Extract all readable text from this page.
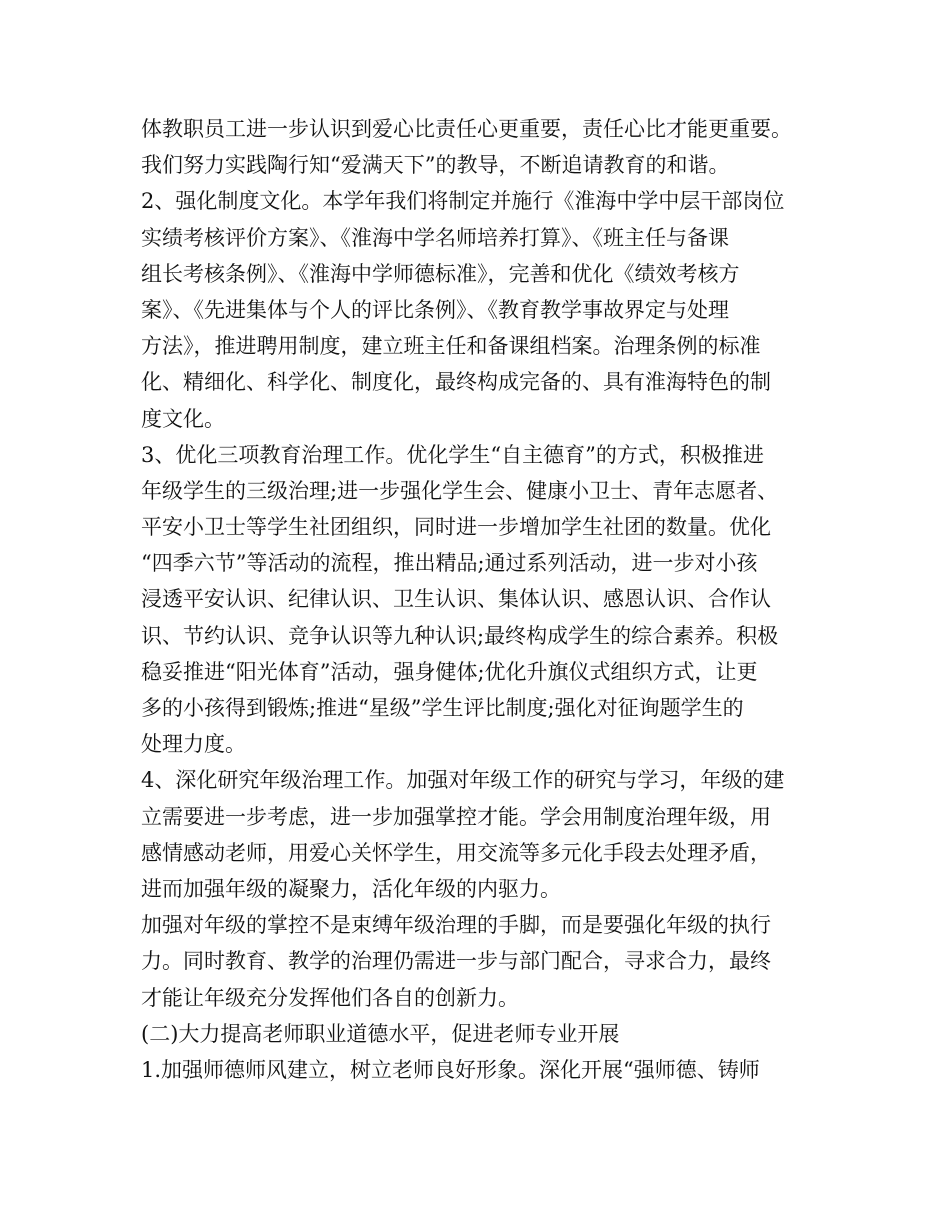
体教职员工进一步认识到爱心比责任心更重要，责任心比才能更重要。
我们努力实践陶行知“爱满天下”的教导，不断追请教育的和谐。
2、强化制度文化。本学年我们将制定并施行《淮海中学中层干部岗位
实绩考核评价方案》、《淮海中学名师培养打算》、《班主任与备课
组长考核条例》、《淮海中学师德标准》，完善和优化《绩效考核方
案》、《先进集体与个人的评比条例》、《教育教学事故界定与处理
方法》，推进聘用制度，建立班主任和备课组档案。治理条例的标准
化、精细化、科学化、制度化，最终构成完备的、具有淮海特色的制
度文化。
3、优化三项教育治理工作。优化学生“自主德育”的方式，积极推进
年级学生的三级治理;进一步强化学生会、健康小卫士、青年志愿者、
平安小卫士等学生社团组织，同时进一步增加学生社团的数量。优化
“四季六节”等活动的流程，推出精品;通过系列活动，进一步对小孩
浸透平安认识、纪律认识、卫生认识、集体认识、感恩认识、合作认
识、节约认识、竞争认识等九种认识;最终构成学生的综合素养。积极
稳妥推进“阳光体育”活动，强身健体;优化升旗仪式组织方式，让更
多的小孩得到锻炼;推进“星级”学生评比制度;强化对征询题学生的
处理力度。
4、深化研究年级治理工作。加强对年级工作的研究与学习，年级的建
立需要进一步考虑，进一步加强掌控才能。学会用制度治理年级，用
感情感动老师，用爱心关怀学生，用交流等多元化手段去处理矛盾，
进而加强年级的凝聚力，活化年级的内驱力。
加强对年级的掌控不是束缚年级治理的手脚，而是要强化年级的执行
力。同时教育、教学的治理仍需进一步与部门配合，寻求合力，最终
才能让年级充分发挥他们各自的创新力。
(二)大力提高老师职业道德水平，促进老师专业开展
1.加强师德师风建立，树立老师良好形象。深化开展“强师德、铸师
